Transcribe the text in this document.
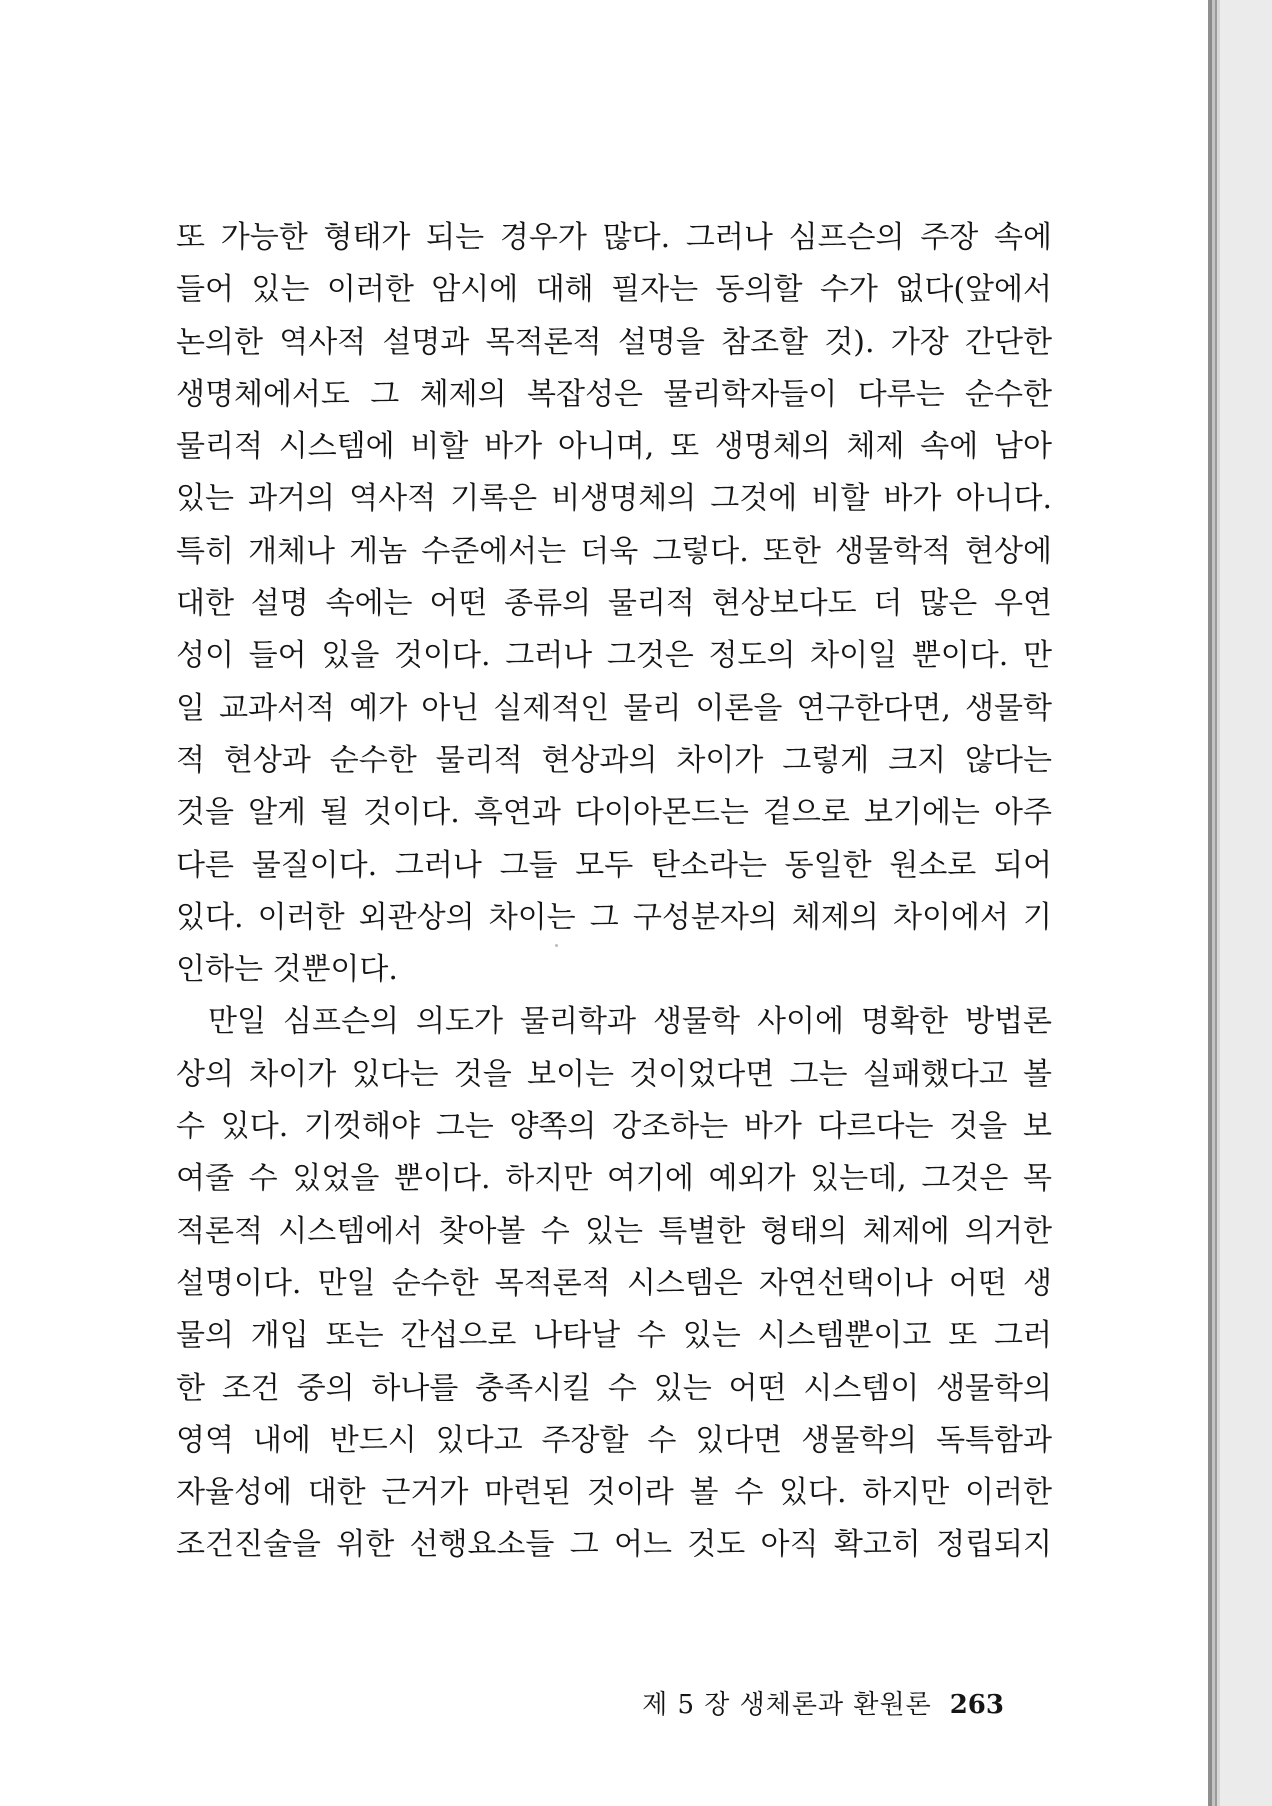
또 가능한 형태가 되는 경우가 많다. 그러나 심프슨의 주장 속에
들어 있는 이러한 암시에 대해 필자는 동의할 수가 없다(앞에서
논의한 역사적 설명과 목적론적 설명을 참조할 것). 가장 간단한
생명체에서도 그 체제의 복잡성은 물리학자들이 다루는 순수한
물리적 시스템에 비할 바가 아니며, 또 생명체의 체제 속에 남아
있는 과거의 역사적 기록은 비생명체의 그것에 비할 바가 아니다.
특히 개체나 게놈 수준에서는 더욱 그렇다. 또한 생물학적 현상에
대한 설명 속에는 어떤 종류의 물리적 현상보다도 더 많은 우연
성이 들어 있을 것이다. 그러나 그것은 정도의 차이일 뿐이다. 만
일 교과서적 예가 아닌 실제적인 물리 이론을 연구한다면, 생물학
적 현상과 순수한 물리적 현상과의 차이가 그렇게 크지 않다는
것을 알게 될 것이다. 흑연과 다이아몬드는 겉으로 보기에는 아주
다른 물질이다. 그러나 그들 모두 탄소라는 동일한 원소로 되어
있다. 이러한 외관상의 차이는 그 구성분자의 체제의 차이에서 기
인하는 것뿐이다.
만일 심프슨의 의도가 물리학과 생물학 사이에 명확한 방법론
상의 차이가 있다는 것을 보이는 것이었다면 그는 실패했다고 볼
수 있다. 기껏해야 그는 양쪽의 강조하는 바가 다르다는 것을 보
여줄 수 있었을 뿐이다. 하지만 여기에 예외가 있는데, 그것은 목
적론적 시스템에서 찾아볼 수 있는 특별한 형태의 체제에 의거한
설명이다. 만일 순수한 목적론적 시스템은 자연선택이나 어떤 생
물의 개입 또는 간섭으로 나타날 수 있는 시스템뿐이고 또 그러
한 조건 중의 하나를 충족시킬 수 있는 어떤 시스템이 생물학의
영역 내에 반드시 있다고 주장할 수 있다면 생물학의 독특함과
자율성에 대한 근거가 마련된 것이라 볼 수 있다. 하지만 이러한
조건진술을 위한 선행요소들 그 어느 것도 아직 확고히 정립되지
제 5 장 생체론과 환원론 263
